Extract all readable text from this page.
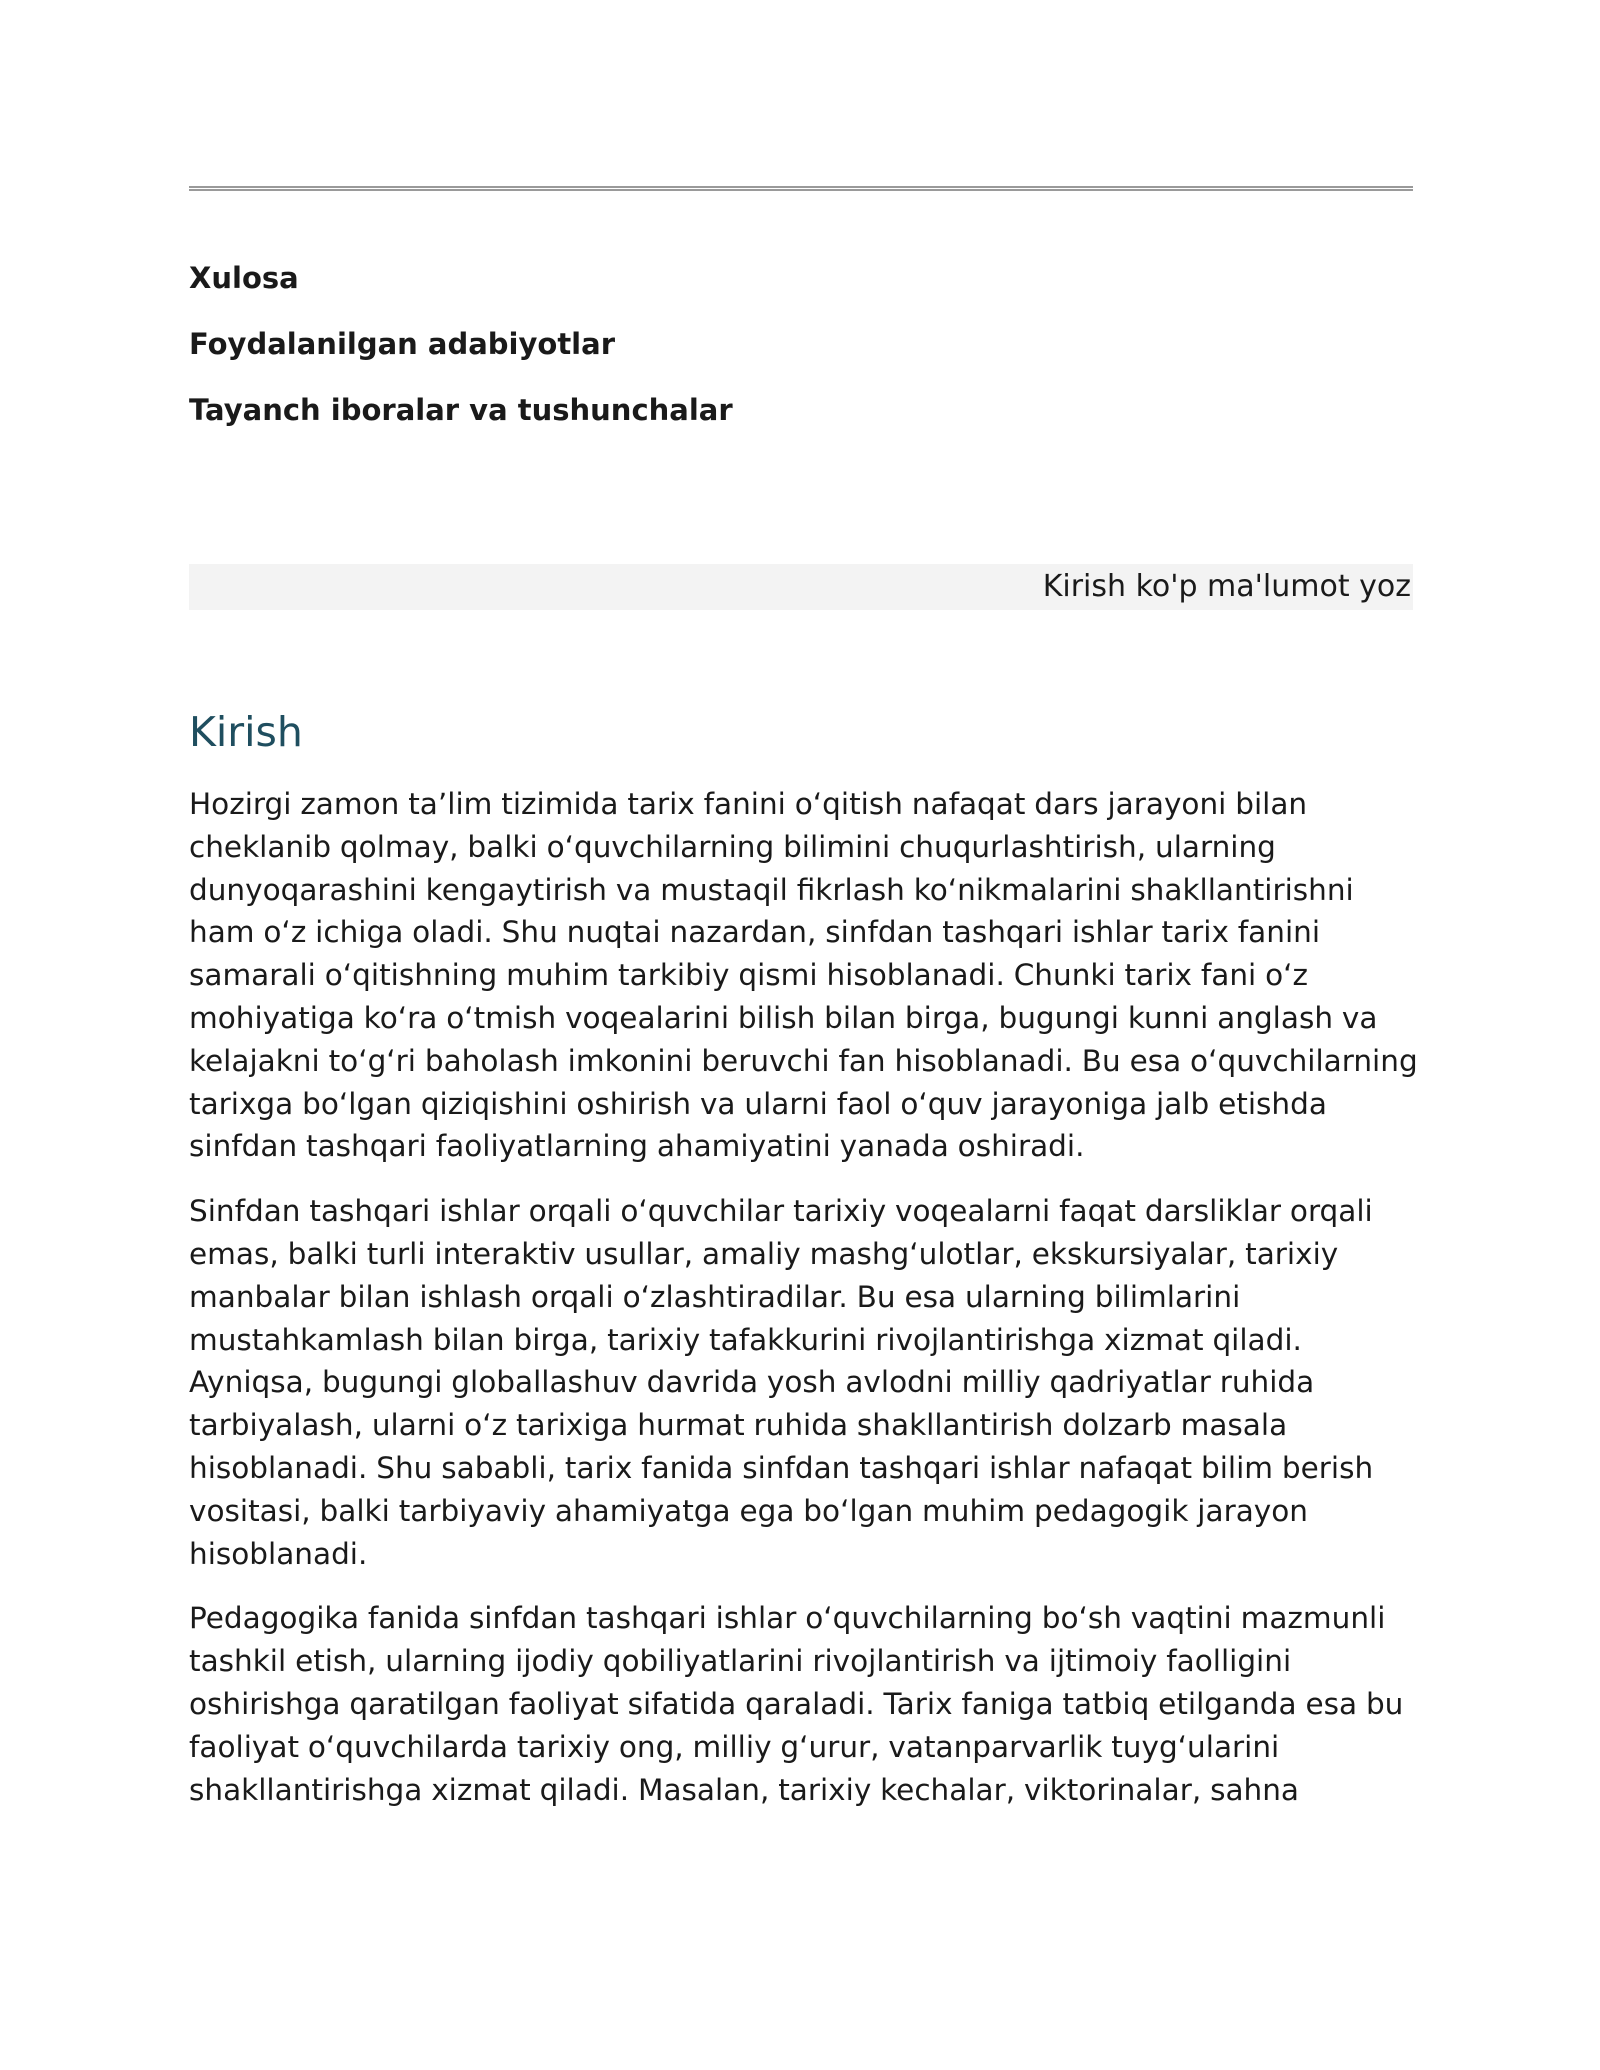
Xulosa
Foydalanilgan adabiyotlar
Tayanch iboralar va tushunchalar
Kirish ko'p ma'lumot yoz
Kirish

Hozirgi zamon ta’lim tizimida tarix fanini o‘qitish nafaqat dars jarayoni bilan
cheklanib qolmay, balki o‘quvchilarning bilimini chuqurlashtirish, ularning
dunyoqarashini kengaytirish va mustaqil fikrlash ko‘nikmalarini shakllantirishni
ham o‘z ichiga oladi. Shu nuqtai nazardan, sinfdan tashqari ishlar tarix fanini
samarali o‘qitishning muhim tarkibiy qismi hisoblanadi. Chunki tarix fani o‘z
mohiyatiga ko‘ra o‘tmish voqealarini bilish bilan birga, bugungi kunni anglash va
kelajakni to‘g‘ri baholash imkonini beruvchi fan hisoblanadi. Bu esa o‘quvchilarning
tarixga bo‘lgan qiziqishini oshirish va ularni faol o‘quv jarayoniga jalb etishda
sinfdan tashqari faoliyatlarning ahamiyatini yanada oshiradi.

Sinfdan tashqari ishlar orqali o‘quvchilar tarixiy voqealarni faqat darsliklar orqali
emas, balki turli interaktiv usullar, amaliy mashg‘ulotlar, ekskursiyalar, tarixiy
manbalar bilan ishlash orqali o‘zlashtiradilar. Bu esa ularning bilimlarini
mustahkamlash bilan birga, tarixiy tafakkurini rivojlantirishga xizmat qiladi.
Ayniqsa, bugungi globallashuv davrida yosh avlodni milliy qadriyatlar ruhida
tarbiyalash, ularni o‘z tarixiga hurmat ruhida shakllantirish dolzarb masala
hisoblanadi. Shu sababli, tarix fanida sinfdan tashqari ishlar nafaqat bilim berish
vositasi, balki tarbiyaviy ahamiyatga ega bo‘lgan muhim pedagogik jarayon
hisoblanadi.

Pedagogika fanida sinfdan tashqari ishlar o‘quvchilarning bo‘sh vaqtini mazmunli
tashkil etish, ularning ijodiy qobiliyatlarini rivojlantirish va ijtimoiy faolligini
oshirishga qaratilgan faoliyat sifatida qaraladi. Tarix faniga tatbiq etilganda esa bu
faoliyat o‘quvchilarda tarixiy ong, milliy g‘urur, vatanparvarlik tuyg‘ularini
shakllantirishga xizmat qiladi. Masalan, tarixiy kechalar, viktorinalar, sahna
